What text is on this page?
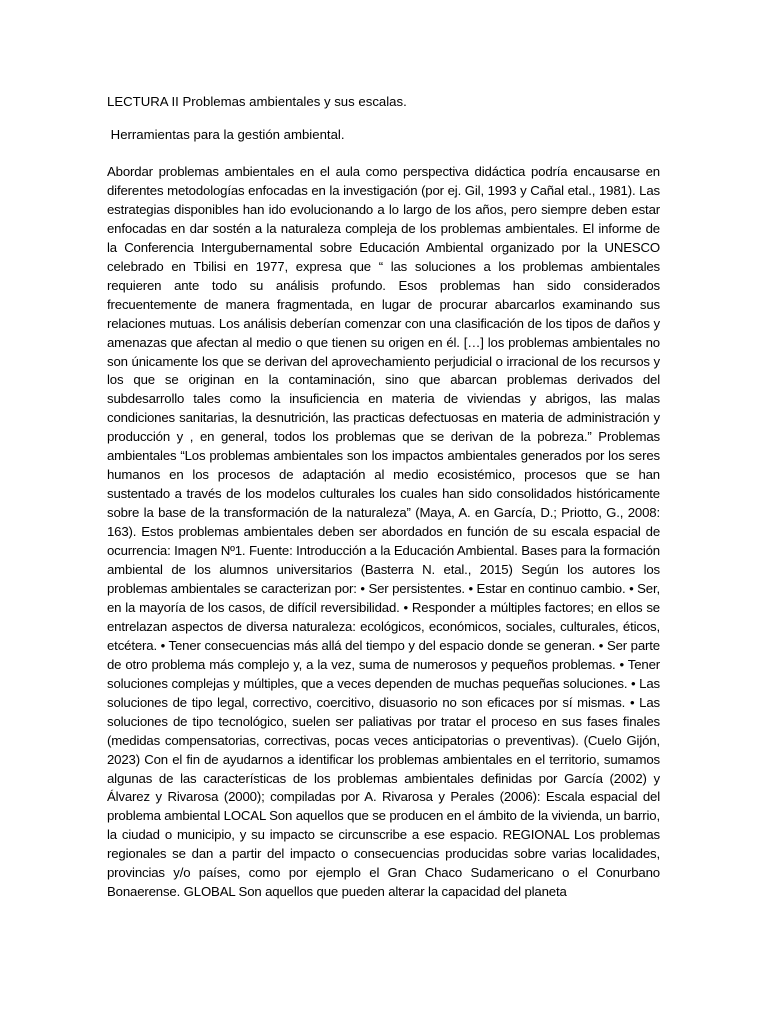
LECTURA II Problemas ambientales y sus escalas.

Herramientas para la gestión ambiental.

Abordar problemas ambientales en el aula como perspectiva didáctica podría encausarse en diferentes metodologías enfocadas en la investigación (por ej. Gil, 1993 y Cañal etal., 1981). Las estrategias disponibles han ido evolucionando a lo largo de los años, pero siempre deben estar enfocadas en dar sostén a la naturaleza compleja de los problemas ambientales. El informe de la Conferencia Intergubernamental sobre Educación Ambiental organizado por la UNESCO celebrado en Tbilisi en 1977, expresa que “ las soluciones a los problemas ambientales requieren ante todo su análisis profundo. Esos problemas han sido considerados frecuentemente de manera fragmentada, en lugar de procurar abarcarlos examinando sus relaciones mutuas. Los análisis deberían comenzar con una clasificación de los tipos de daños y amenazas que afectan al medio o que tienen su origen en él. […] los problemas ambientales no son únicamente los que se derivan del aprovechamiento perjudicial o irracional de los recursos y los que se originan en la contaminación, sino que abarcan problemas derivados del subdesarrollo tales como la insuficiencia en materia de viviendas y abrigos, las malas condiciones sanitarias, la desnutrición, las practicas defectuosas en materia de administración y producción y , en general, todos los problemas que se derivan de la pobreza.” Problemas ambientales “Los problemas ambientales son los impactos ambientales generados por los seres humanos en los procesos de adaptación al medio ecosistémico, procesos que se han sustentado a través de los modelos culturales los cuales han sido consolidados históricamente sobre la base de la transformación de la naturaleza” (Maya, A. en García, D.; Priotto, G., 2008: 163). Estos problemas ambientales deben ser abordados en función de su escala espacial de ocurrencia: Imagen Nº1. Fuente: Introducción a la Educación Ambiental. Bases para la formación ambiental de los alumnos universitarios (Basterra N. etal., 2015) Según los autores los problemas ambientales se caracterizan por: • Ser persistentes. • Estar en continuo cambio. • Ser, en la mayoría de los casos, de difícil reversibilidad. • Responder a múltiples factores; en ellos se entrelazan aspectos de diversa naturaleza: ecológicos, económicos, sociales, culturales, éticos, etcétera. • Tener consecuencias más allá del tiempo y del espacio donde se generan. • Ser parte de otro problema más complejo y, a la vez, suma de numerosos y pequeños problemas. • Tener soluciones complejas y múltiples, que a veces dependen de muchas pequeñas soluciones. • Las soluciones de tipo legal, correctivo, coercitivo, disuasorio no son eficaces por sí mismas. • Las soluciones de tipo tecnológico, suelen ser paliativas por tratar el proceso en sus fases finales (medidas compensatorias, correctivas, pocas veces anticipatorias o preventivas). (Cuelo Gijón, 2023) Con el fin de ayudarnos a identificar los problemas ambientales en el territorio, sumamos algunas de las características de los problemas ambientales definidas por García (2002) y Álvarez y Rivarosa (2000); compiladas por A. Rivarosa y Perales (2006): Escala espacial del problema ambiental LOCAL Son aquellos que se producen en el ámbito de la vivienda, un barrio, la ciudad o municipio, y su impacto se circunscribe a ese espacio. REGIONAL Los problemas regionales se dan a partir del impacto o consecuencias producidas sobre varias localidades, provincias y/o países, como por ejemplo el Gran Chaco Sudamericano o el Conurbano Bonaerense. GLOBAL Son aquellos que pueden alterar la capacidad del planeta
